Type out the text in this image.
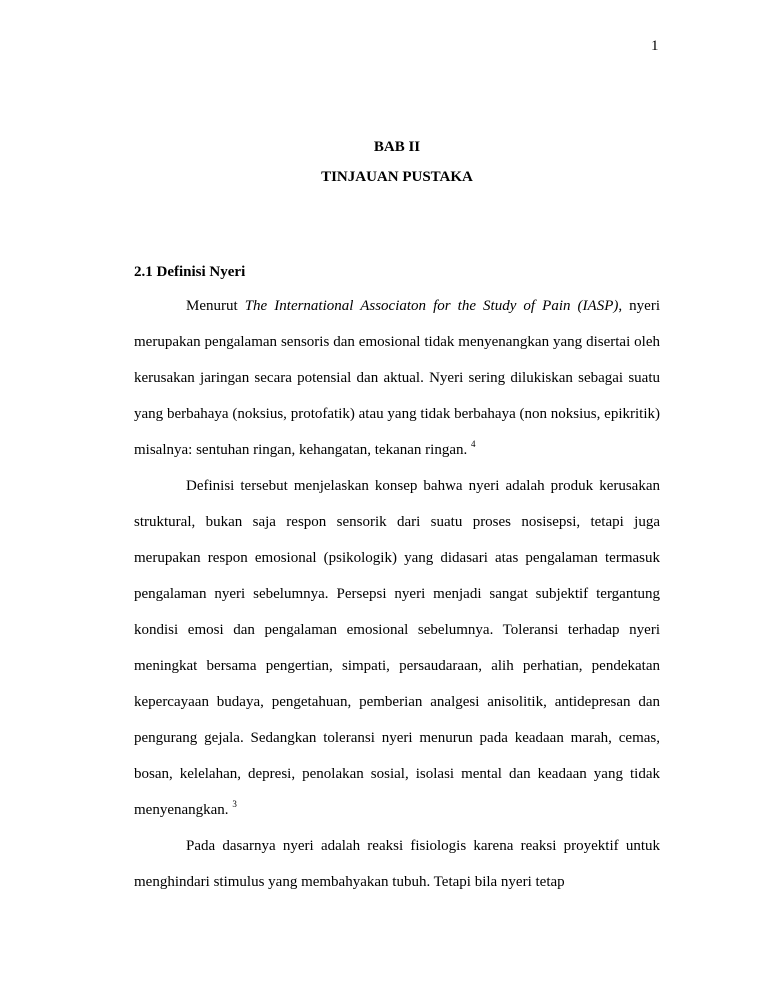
1
BAB II
TINJAUAN PUSTAKA
2.1 Definisi Nyeri

Menurut The International Associaton for the Study of Pain (IASP), nyeri merupakan pengalaman sensoris dan emosional tidak menyenangkan yang disertai oleh kerusakan jaringan secara potensial dan aktual. Nyeri sering dilukiskan sebagai suatu yang berbahaya (noksius, protofatik) atau yang tidak berbahaya (non noksius, epikritik) misalnya: sentuhan ringan, kehangatan, tekanan ringan. $^4$

Definisi tersebut menjelaskan konsep bahwa nyeri adalah produk kerusakan struktural, bukan saja respon sensorik dari suatu proses nosisepsi, tetapi juga merupakan respon emosional (psikologik) yang didasari atas pengalaman termasuk pengalaman nyeri sebelumnya. Persepsi nyeri menjadi sangat subjektif tergantung kondisi emosi dan pengalaman emosional sebelumnya. Toleransi terhadap nyeri meningkat bersama pengertian, simpati, persaudaraan, alih perhatian, pendekatan kepercayaan budaya, pengetahuan, pemberian analgesi anisolitik, antidepresan dan pengurang gejala. Sedangkan toleransi nyeri menurun pada keadaan marah, cemas, bosan, kelelahan, depresi, penolakan sosial, isolasi mental dan keadaan yang tidak menyenangkan. $^3$

Pada dasarnya nyeri adalah reaksi fisiologis karena reaksi proyektif untuk menghindari stimulus yang membahyakan tubuh. Tetapi bila nyeri tetap
